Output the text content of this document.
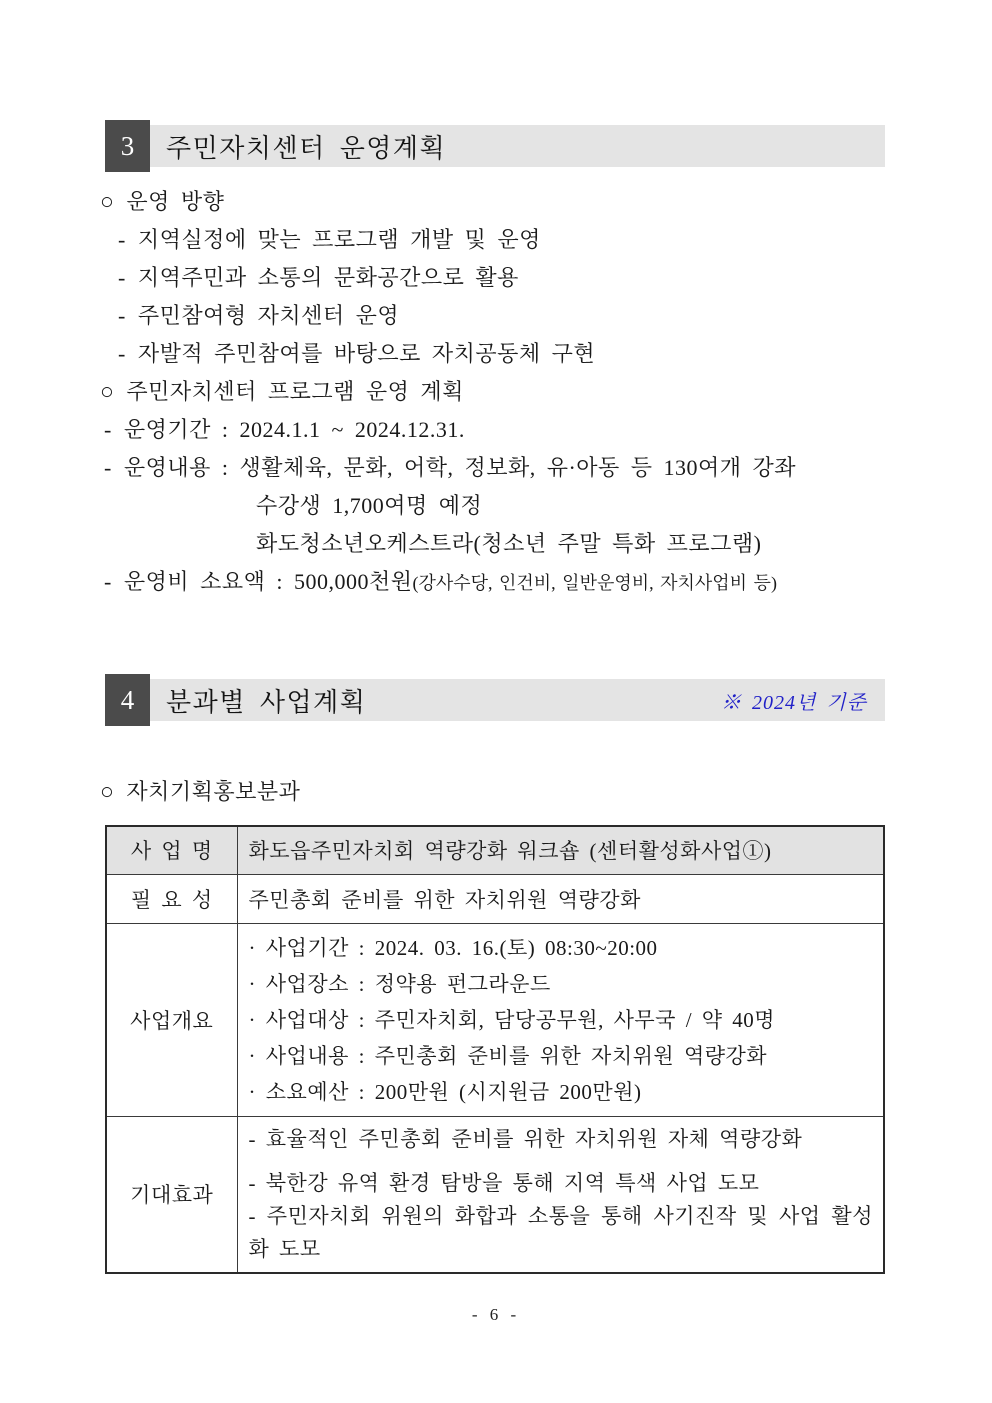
3	주민자치센터 운영계획
○ 운영 방향
- 지역실정에 맞는 프로그램 개발 및 운영
- 지역주민과 소통의 문화공간으로 활용
- 주민참여형 자치센터 운영
- 자발적 주민참여를 바탕으로 자치공동체 구현
○ 주민자치센터 프로그램 운영 계획
- 운영기간 : 2024.1.1 ~ 2024.12.31.
- 운영내용 : 생활체육, 문화, 어학, 정보화, 유·아동 등 130여개 강좌
수강생 1,700여명 예정
화도청소년오케스트라(청소년 주말 특화 프로그램)
- 운영비 소요액 : 500,000천원(강사수당, 인건비, 일반운영비, 자치사업비 등)
4	분과별 사업계획	※ 2024년 기준
○ 자치기획홍보분과
사 업 명	화도읍주민자치회 역량강화 워크숍 (센터활성화사업①)
필 요 성	주민총회 준비를 위한 자치위원 역량강화
사업개요	· 사업기간 : 2024. 03. 16.(토) 08:30~20:00
· 사업장소 : 정약용 펀그라운드
· 사업대상 : 주민자치회, 담당공무원, 사무국 / 약 40명
· 사업내용 : 주민총회 준비를 위한 자치위원 역량강화
· 소요예산 : 200만원 (시지원금 200만원)

기대효과	- 효율적인 주민총회 준비를 위한 자치위원 자체 역량강화
- 북한강 유역 환경 탐방을 통해 지역 특색 사업 도모
- 주민자치회 위원의 화합과 소통을 통해 사기진작 및 사업 활성화 도모
- 6 -
